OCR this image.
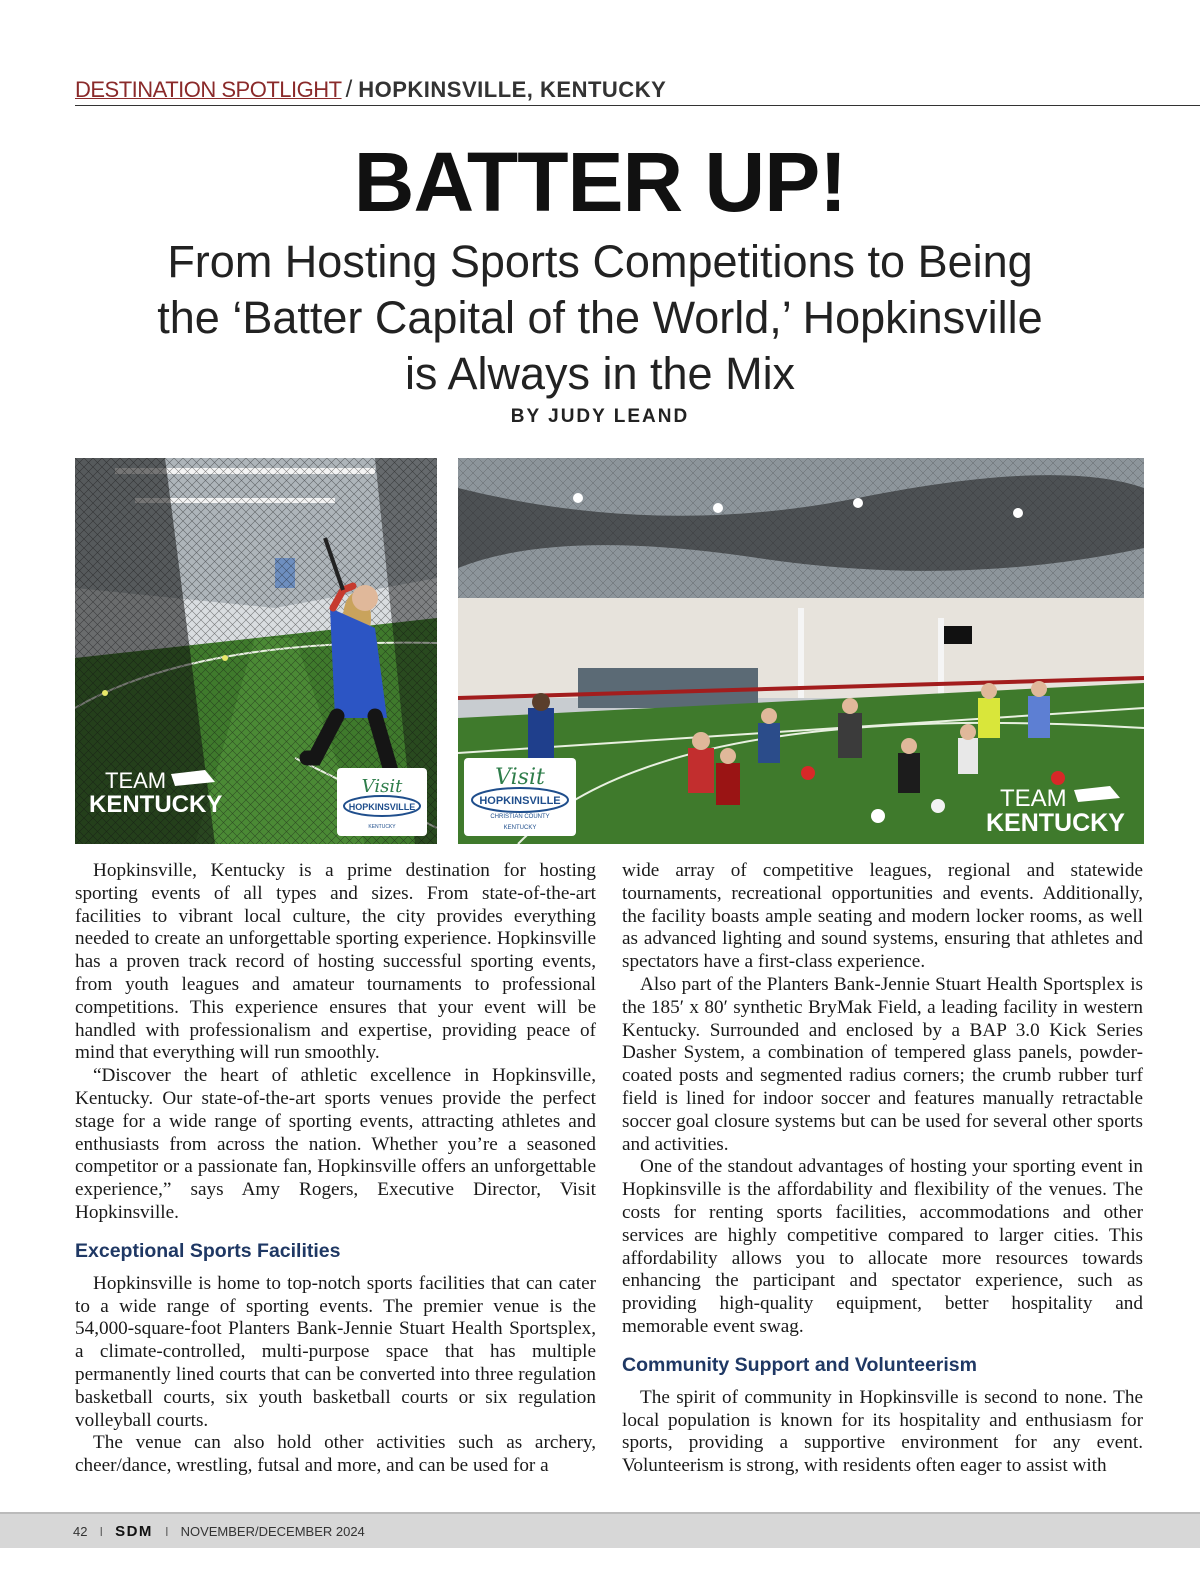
DESTINATION SPOTLIGHT / HOPKINSVILLE, KENTUCKY
BATTER UP!
From Hosting Sports Competitions to Being the ‘Batter Capital of the World,’ Hopkinsville is Always in the Mix
BY JUDY LEAND
TEAM
KENTUCKY
Visit
HOPKINSVILLE
KENTUCKY
Visit
HOPKINSVILLE
CHRISTIAN COUNTY
KENTUCKY
TEAM
KENTUCKY

Hopkinsville, Kentucky is a prime destination for hosting sporting events of all types and sizes. From state-of-the-art facilities to vibrant local culture, the city provides everything needed to create an unforgettable sporting experience. Hopkinsville has a proven track record of hosting successful sporting events, from youth leagues and amateur tournaments to professional competitions. This experience ensures that your event will be handled with professionalism and expertise, providing peace of mind that everything will run smoothly.

“Discover the heart of athletic excellence in Hopkinsville, Kentucky. Our state-of-the-art sports venues provide the perfect stage for a wide range of sporting events, attracting athletes and enthusiasts from across the nation. Whether you’re a seasoned competitor or a passionate fan, Hopkinsville offers an unforgettable experience,” says Amy Rogers, Executive Director, Visit Hopkinsville.

Exceptional Sports Facilities

Hopkinsville is home to top-notch sports facilities that can cater to a wide range of sporting events. The premier venue is the 54,000-square-foot Planters Bank-Jennie Stuart Health Sportsplex, a climate-controlled, multi-purpose space that has multiple permanently lined courts that can be converted into three regulation basketball courts, six youth basketball courts or six regulation volleyball courts.

The venue can also hold other activities such as archery, cheer/dance, wrestling, futsal and more, and can be used for a

wide array of competitive leagues, regional and statewide tournaments, recreational opportunities and events. Additionally, the facility boasts ample seating and modern locker rooms, as well as advanced lighting and sound systems, ensuring that athletes and spectators have a first-class experience.

Also part of the Planters Bank-Jennie Stuart Health Sportsplex is the 185′ x 80′ synthetic BryMak Field, a leading facility in western Kentucky. Surrounded and enclosed by a BAP 3.0 Kick Series Dasher System, a combination of tempered glass panels, powder-coated posts and segmented radius corners; the crumb rubber turf field is lined for indoor soccer and features manually retractable soccer goal closure systems but can be used for several other sports and activities.

One of the standout advantages of hosting your sporting event in Hopkinsville is the affordability and flexibility of the venues. The costs for renting sports facilities, accommodations and other services are highly competitive compared to larger cities. This affordability allows you to allocate more resources towards enhancing the participant and spectator experience, such as providing high-quality equipment, better hospitality and memorable event swag.

Community Support and Volunteerism

The spirit of community in Hopkinsville is second to none. The local population is known for its hospitality and enthusiasm for sports, providing a supportive environment for any event. Volunteerism is strong, with residents often eager to assist with

42 I SDM I NOVEMBER/DECEMBER 2024
